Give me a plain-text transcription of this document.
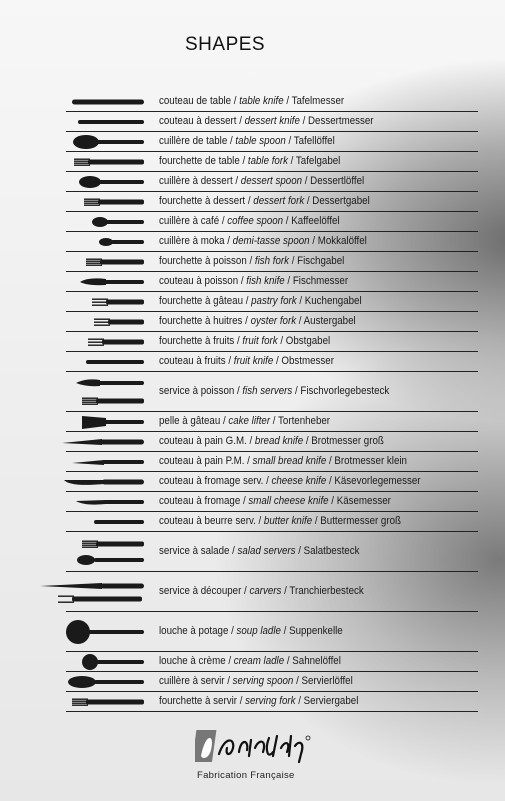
SHAPES
couteau de table / table knife / Tafelmesser
couteau à dessert / dessert knife / Dessertmesser
cuillère de table / table spoon / Tafellöffel
fourchette de table / table fork / Tafelgabel
cuillère à dessert / dessert spoon / Dessertlöffel
fourchette à dessert / dessert fork / Dessertgabel
cuillère à café / coffee spoon / Kaffeelöffel
cuillère à moka / demi-tasse spoon / Mokkalöffel
fourchette à poisson / fish fork / Fischgabel
couteau à poisson / fish knife / Fischmesser
fourchette à gâteau / pastry fork / Kuchengabel
fourchette à huitres / oyster fork / Austergabel
fourchette à fruits / fruit fork / Obstgabel
couteau à fruits / fruit knife / Obstmesser
service à poisson / fish servers / Fischvorlegebesteck
pelle à gâteau / cake lifter / Tortenheber
couteau à pain G.M. / bread knife / Brotmesser groß
couteau à pain P.M. / small bread knife / Brotmesser klein
couteau à fromage serv. / cheese knife / Käsevorlegemesser
couteau à fromage / small cheese knife / Käsemesser
couteau à beurre serv. / butter knife / Buttermesser groß
service à salade / salad servers / Salatbesteck
service à découper / carvers / Tranchierbesteck
louche à potage / soup ladle / Suppenkelle
louche à crème / cream ladle / Sahnelöffel
cuillère à servir / serving spoon / Servierlöffel
fourchette à servir / serving fork / Serviergabel
Fabrication Française
